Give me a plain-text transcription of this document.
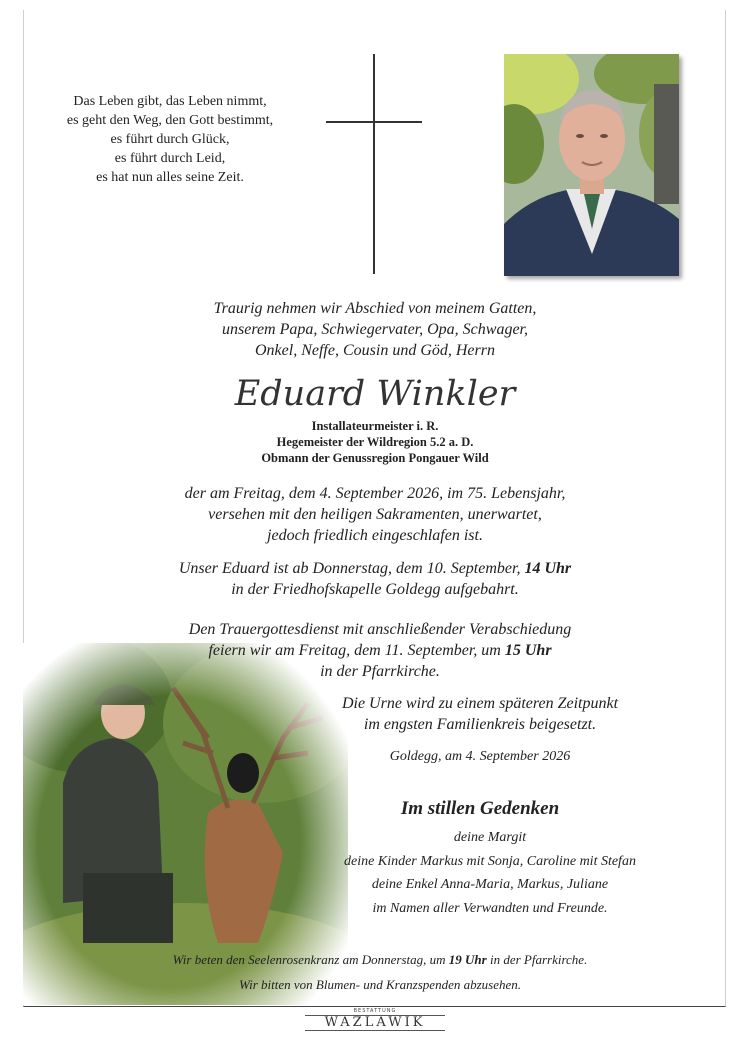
Das Leben gibt, das Leben nimmt,
es geht den Weg, den Gott bestimmt,
es führt durch Glück,
es führt durch Leid,
es hat nun alles seine Zeit.
Traurig nehmen wir Abschied von meinem Gatten,
unserem Papa, Schwiegervater, Opa, Schwager,
Onkel, Neffe, Cousin und Göd, Herrn
Eduard Winkler
Installateurmeister i. R.
Hegemeister der Wildregion 5.2 a. D.
Obmann der Genussregion Pongauer Wild
der am Freitag, dem 4. September 2026, im 75. Lebensjahr,
versehen mit den heiligen Sakramenten, unerwartet,
jedoch friedlich eingeschlafen ist.
Unser Eduard ist ab Donnerstag, dem 10. September, 14 Uhr
in der Friedhofskapelle Goldegg aufgebahrt.
Den Trauergottesdienst mit anschließender Verabschiedung
feiern wir am Freitag, dem 11. September, um 15 Uhr
in der Pfarrkirche.
Die Urne wird zu einem späteren Zeitpunkt
im engsten Familienkreis beigesetzt.
Goldegg, am 4. September 2026
Im stillen Gedenken
deine Margit
deine Kinder Markus mit Sonja, Caroline mit Stefan
deine Enkel Anna-Maria, Markus, Juliane
im Namen aller Verwandten und Freunde.
Wir beten den Seelenrosenkranz am Donnerstag, um 19 Uhr in der Pfarrkirche.
Wir bitten von Blumen- und Kranzspenden abzusehen.
BESTATTUNG
WAZLAWIK
